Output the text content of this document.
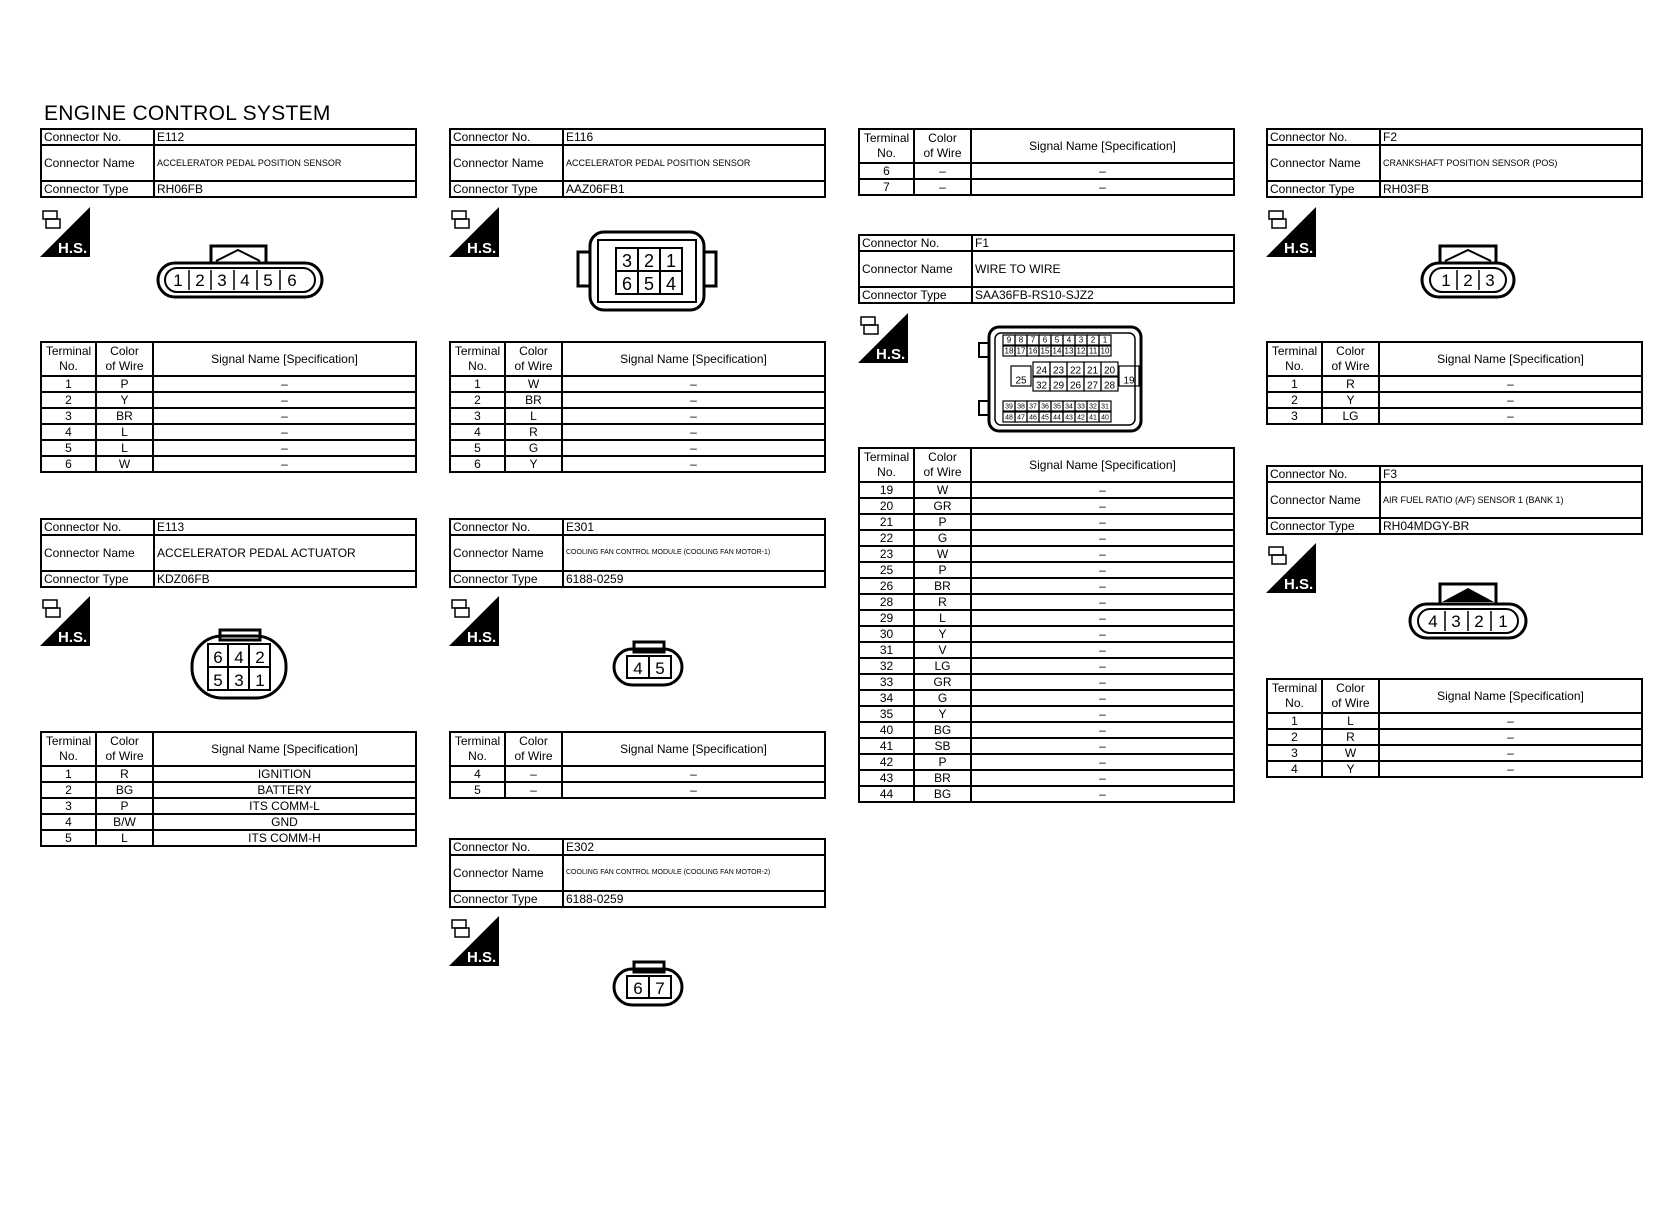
ENGINE CONTROL SYSTEM
Connector No.	E112
Connector Name	ACCELERATOR PEDAL POSITION SENSOR
Connector Type	RH06FB
H.S.
1 2 3 4 5 6
Terminal
No.	Color
of Wire	Signal Name [Specification]
1	P	–
2	Y	–
3	BR	–
4	L	–
5	L	–
6	W	–
Connector No.	E113
Connector Name	ACCELERATOR PEDAL ACTUATOR
Connector Type	KDZ06FB
H.S.
6 4 2
5 3 1
Terminal
No.	Color
of Wire	Signal Name [Specification]
1	R	IGNITION
2	BG	BATTERY
3	P	ITS COMM-L
4	B/W	GND
5	L	ITS COMM-H
Connector No.	E116
Connector Name	ACCELERATOR PEDAL POSITION SENSOR
Connector Type	AAZ06FB1
H.S.
3 2 1
6 5 4
Terminal
No.	Color
of Wire	Signal Name [Specification]
1	W	–
2	BR	–
3	L	–
4	R	–
5	G	–
6	Y	–
Connector No.	E301
Connector Name	COOLING FAN CONTROL MODULE (COOLING FAN MOTOR-1)
Connector Type	6188-0259
H.S.
4 5
Terminal
No.	Color
of Wire	Signal Name [Specification]
4	–	–
5	–	–
Connector No.	E302
Connector Name	COOLING FAN CONTROL MODULE (COOLING FAN MOTOR-2)
Connector Type	6188-0259
H.S.
6 7
Terminal
No.	Color
of Wire	Signal Name [Specification]
6	–	–
7	–	–
Connector No.	F1
Connector Name	WIRE TO WIRE
Connector Type	SAA36FB-RS10-SJZ2
H.S.
9 8 7 6 5 4 3 2 1
18 17 16 15 14 13 12 11 10
24 23 22 21 20
32 29 26 27 28
25	19
39 38 37 36 35 34 33 32 31
48 47 46 45 44 43 42 41 40
Terminal
No.	Color
of Wire	Signal Name [Specification]
19	W	–
20	GR	–
21	P	–
22	G	–
23	W	–
25	P	–
26	BR	–
28	R	–
29	L	–
30	Y	–
31	V	–
32	LG	–
33	GR	–
34	G	–
35	Y	–
40	BG	–
41	SB	–
42	P	–
43	BR	–
44	BG	–
Connector No.	F2
Connector Name	CRANKSHAFT POSITION SENSOR (POS)
Connector Type	RH03FB
H.S.
1 2 3
Terminal
No.	Color
of Wire	Signal Name [Specification]
1	R	–
2	Y	–
3	LG	–
Connector No.	F3
Connector Name	AIR FUEL RATIO (A/F) SENSOR 1 (BANK 1)
Connector Type	RH04MDGY-BR
H.S.
4 3 2 1
Terminal
No.	Color
of Wire	Signal Name [Specification]
1	L	–
2	R	–
3	W	–
4	Y	–
